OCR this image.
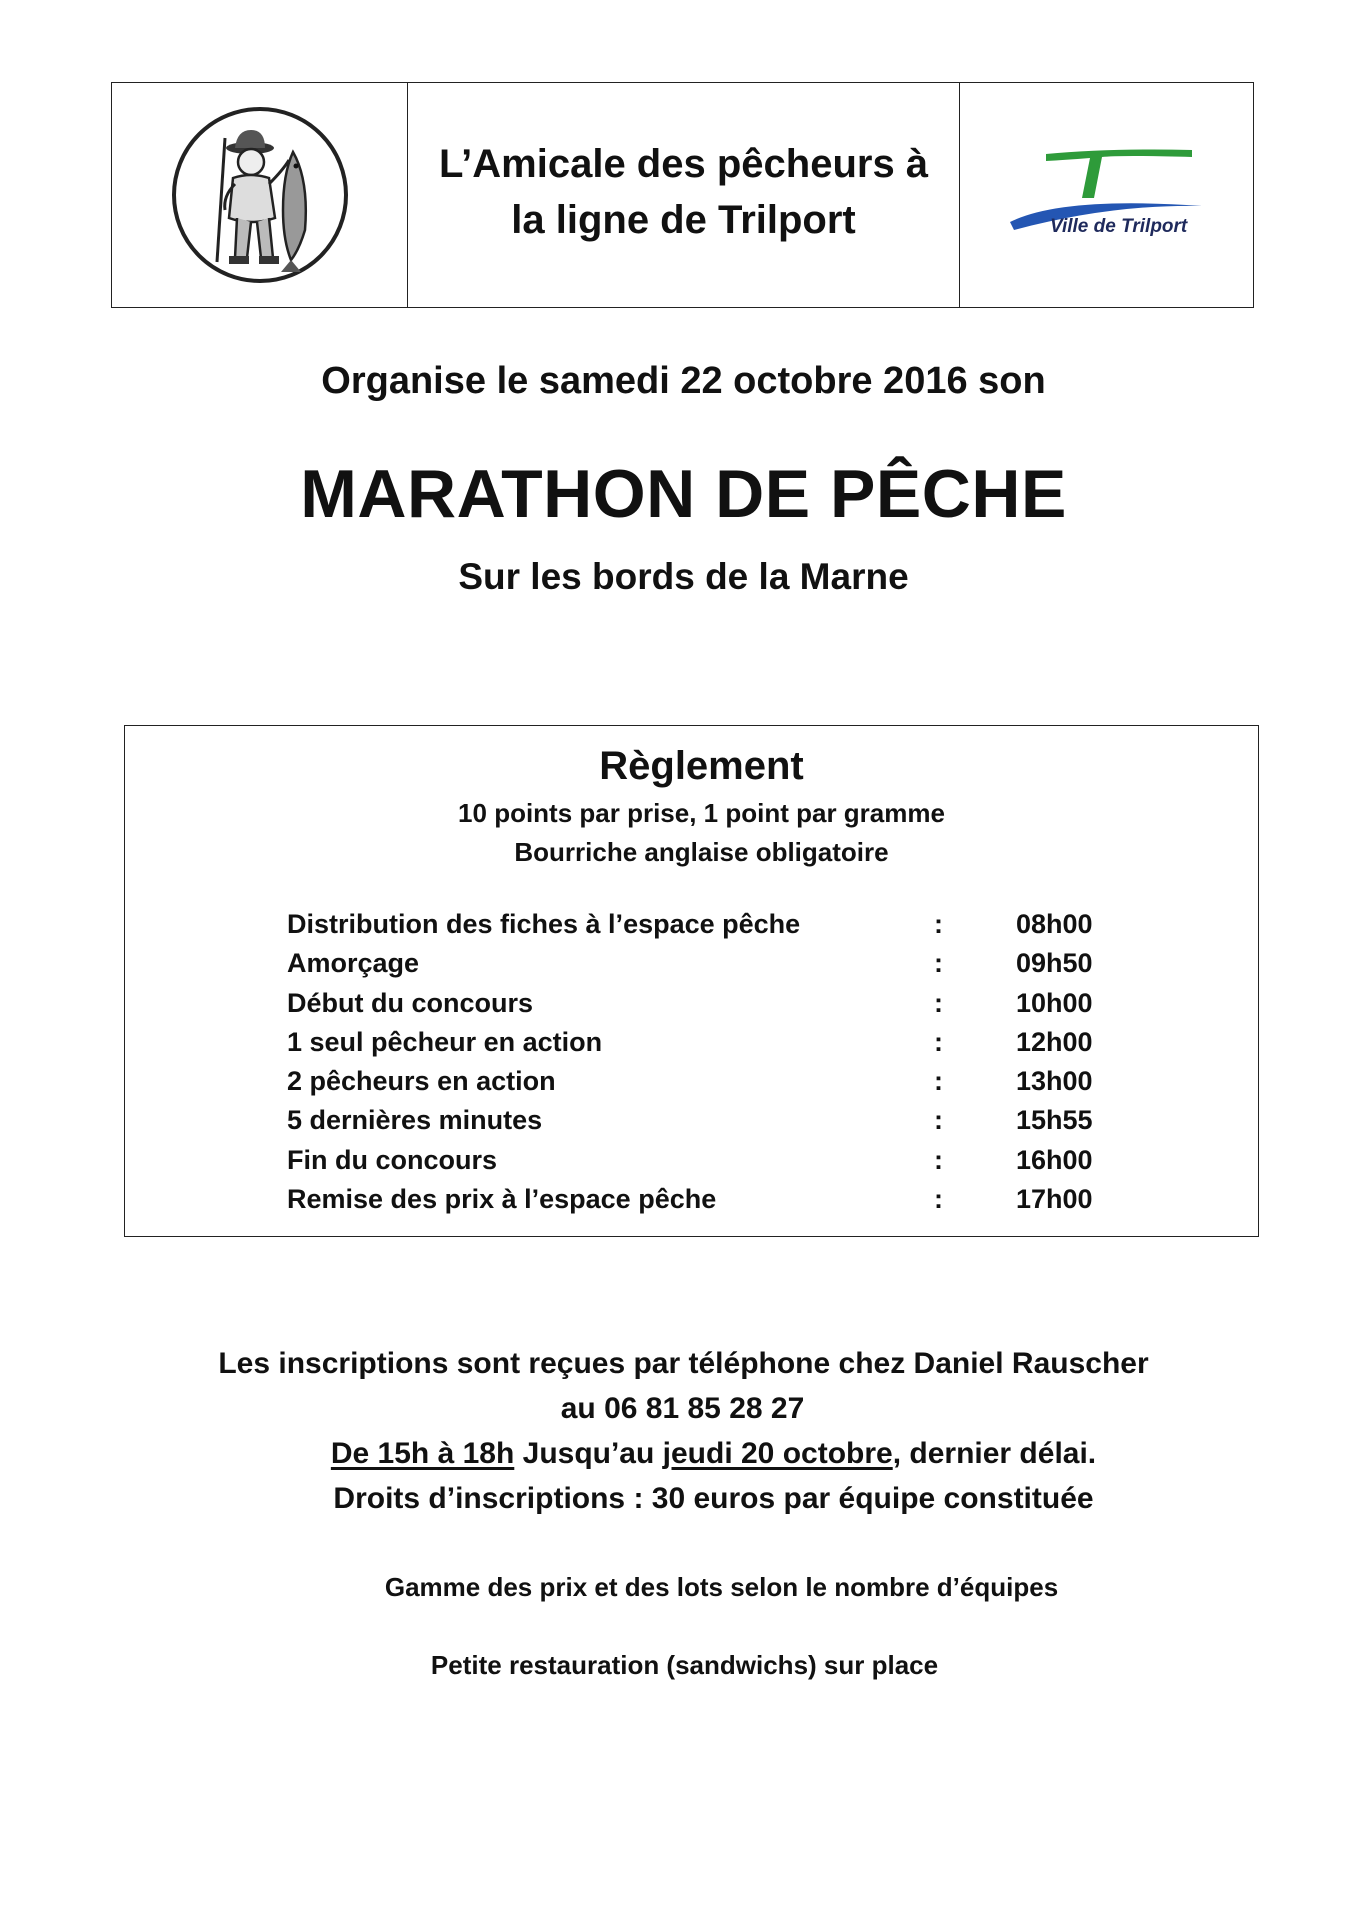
L’Amicale des pêcheurs à
la ligne de Trilport	Ville de Trilport
Organise le samedi 22 octobre 2016 son
MARATHON DE PÊCHE
Sur les bords de la Marne
Règlement
10 points par prise, 1 point par gramme
Bourriche anglaise obligatoire
Distribution des fiches à l’espace pêche	:	08h00
Amorçage	:	09h50
Début du concours	:	10h00
1 seul pêcheur en action	:	12h00
2 pêcheurs en action	:	13h00
5 dernières minutes	:	15h55
Fin du concours	:	16h00
Remise des prix à l’espace pêche	:	17h00
Les inscriptions sont reçues par téléphone chez Daniel Rauscher
au 06 81 85 28 27
De 15h à 18h Jusqu’au jeudi 20 octobre, dernier délai.
Droits d’inscriptions : 30 euros par équipe constituée
Gamme des prix et des lots selon le nombre d’équipes
Petite restauration (sandwichs) sur place
